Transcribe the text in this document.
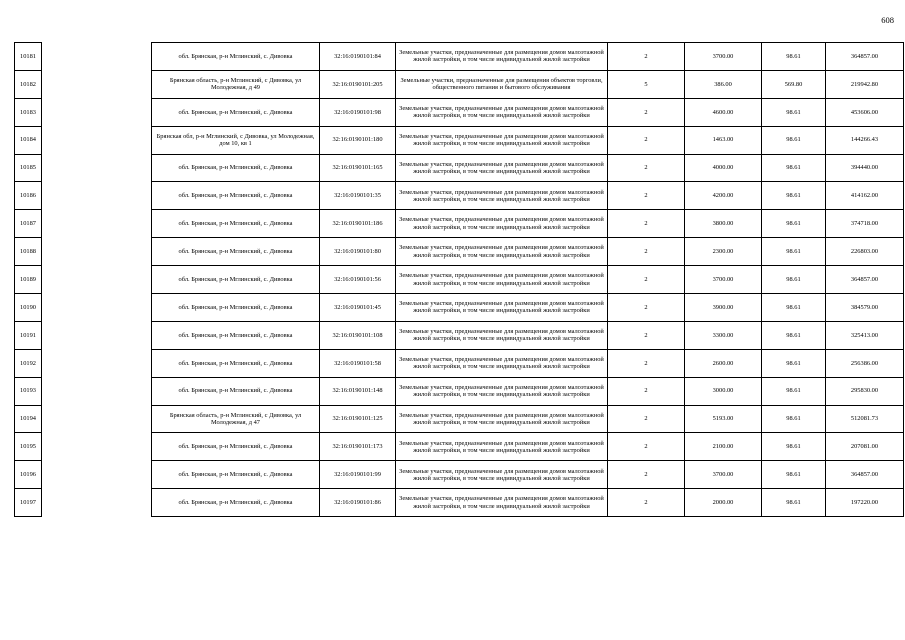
608
10181		обл. Брянская, р-н Мглинский, с. Дивовка	32:16:0190101:84	Земельные участки, предназначенные для размещения домов малоэтажной жилой застройки, в том числе индивидуальной жилой застройки	2	3700.00	98.61	364857.00
10182		Брянская область, р-н Мглинский, с Дивовка, ул Молодежная, д 49	32:16:0190101:205	Земельные участки, предназначенные для размещения объектов торговли, общественного питания и бытового обслуживания	5	386.00	569.80	219942.80
10183		обл. Брянская, р-н Мглинский, с. Дивовка	32:16:0190101:98	Земельные участки, предназначенные для размещения домов малоэтажной жилой застройки, в том числе индивидуальной жилой застройки	2	4600.00	98.61	453606.00
10184		Брянская обл, р-н Мглинский, с Дивовка, ул Молодежная, дом 10, кв 1	32:16:0190101:180	Земельные участки, предназначенные для размещения домов малоэтажной жилой застройки, в том числе индивидуальной жилой застройки	2	1463.00	98.61	144266.43
10185		обл. Брянская, р-н Мглинский, с. Дивовка	32:16:0190101:165	Земельные участки, предназначенные для размещения домов малоэтажной жилой застройки, в том числе индивидуальной жилой застройки	2	4000.00	98.61	394440.00
10186		обл. Брянская, р-н Мглинский, с. Дивовка	32:16:0190101:35	Земельные участки, предназначенные для размещения домов малоэтажной жилой застройки, в том числе индивидуальной жилой застройки	2	4200.00	98.61	414162.00
10187		обл. Брянская, р-н Мглинский, с. Дивовка	32:16:0190101:186	Земельные участки, предназначенные для размещения домов малоэтажной жилой застройки, в том числе индивидуальной жилой застройки	2	3800.00	98.61	374718.00
10188		обл. Брянская, р-н Мглинский, с. Дивовка	32:16:0190101:80	Земельные участки, предназначенные для размещения домов малоэтажной жилой застройки, в том числе индивидуальной жилой застройки	2	2300.00	98.61	226803.00
10189		обл. Брянская, р-н Мглинский, с. Дивовка	32:16:0190101:56	Земельные участки, предназначенные для размещения домов малоэтажной жилой застройки, в том числе индивидуальной жилой застройки	2	3700.00	98.61	364857.00
10190		обл. Брянская, р-н Мглинский, с. Дивовка	32:16:0190101:45	Земельные участки, предназначенные для размещения домов малоэтажной жилой застройки, в том числе индивидуальной жилой застройки	2	3900.00	98.61	384579.00
10191		обл. Брянская, р-н Мглинский, с. Дивовка	32:16:0190101:108	Земельные участки, предназначенные для размещения домов малоэтажной жилой застройки, в том числе индивидуальной жилой застройки	2	3300.00	98.61	325413.00
10192		обл. Брянская, р-н Мглинский, с. Дивовка	32:16:0190101:58	Земельные участки, предназначенные для размещения домов малоэтажной жилой застройки, в том числе индивидуальной жилой застройки	2	2600.00	98.61	256386.00
10193		обл. Брянская, р-н Мглинский, с. Дивовка	32:16:0190101:148	Земельные участки, предназначенные для размещения домов малоэтажной жилой застройки, в том числе индивидуальной жилой застройки	2	3000.00	98.61	295830.00
10194		Брянская область, р-н Мглинский, с Дивовка, ул Молодежная, д 47	32:16:0190101:125	Земельные участки, предназначенные для размещения домов малоэтажной жилой застройки, в том числе индивидуальной жилой застройки	2	5193.00	98.61	512081.73
10195		обл. Брянская, р-н Мглинский, с. Дивовка	32:16:0190101:173	Земельные участки, предназначенные для размещения домов малоэтажной жилой застройки, в том числе индивидуальной жилой застройки	2	2100.00	98.61	207081.00
10196		обл. Брянская, р-н Мглинский, с. Дивовка	32:16:0190101:99	Земельные участки, предназначенные для размещения домов малоэтажной жилой застройки, в том числе индивидуальной жилой застройки	2	3700.00	98.61	364857.00
10197		обл. Брянская, р-н Мглинский, с. Дивовка	32:16:0190101:86	Земельные участки, предназначенные для размещения домов малоэтажной жилой застройки, в том числе индивидуальной жилой застройки	2	2000.00	98.61	197220.00
